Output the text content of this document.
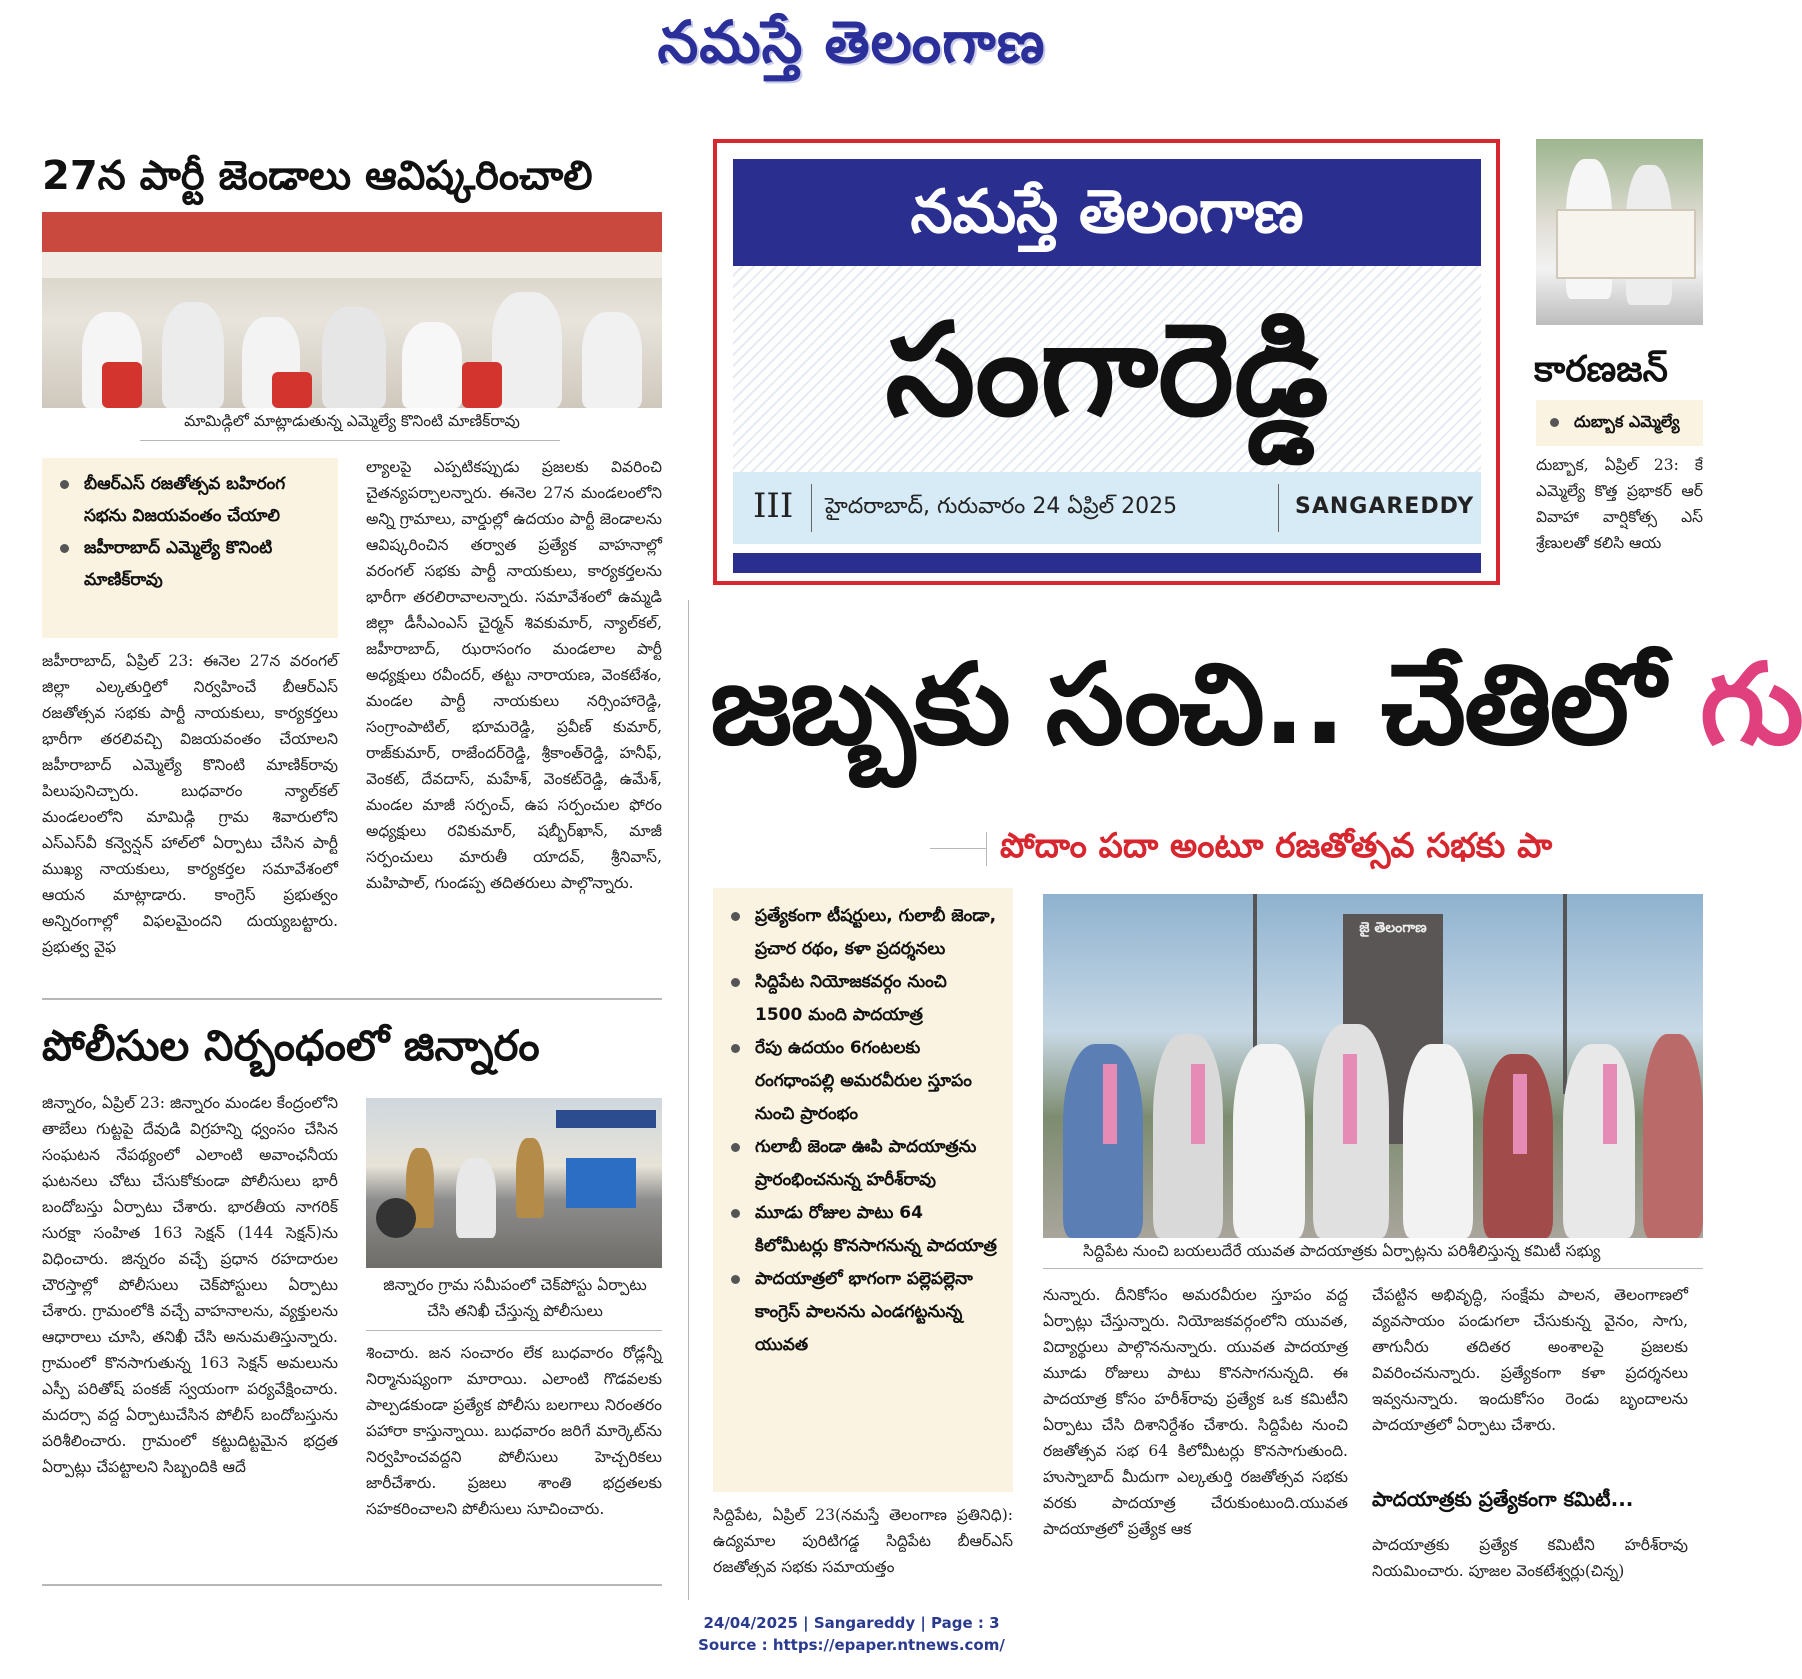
నమస్తే తెలంగాణ
27న పార్టీ జెండాలు ఆవిష్కరించాలి
మామిడ్గిలో మాట్లాడుతున్న ఎమ్మెల్యే కొనింటి మాణిక్‌రావు
బీఆర్‌ఎస్ రజతోత్సవ బహిరంగ సభను విజయవంతం చేయాలి
జహీరాబాద్ ఎమ్మెల్యే కొనింటి మాణిక్‌రావు
జహీరాబాద్, ఏప్రిల్ 23: ఈనెల 27న వరంగల్ జిల్లా ఎల్కతుర్తిలో నిర్వహించే బీఆర్‌ఎస్ రజతోత్సవ సభకు పార్టీ నాయకులు, కార్యకర్తలు భారీగా తరలివచ్చి విజయవంతం చేయాలని జహీరాబాద్ ఎమ్మెల్యే కొనింటి మాణిక్‌రావు పిలుపునిచ్చారు. బుధవారం న్యాల్‌కల్ మండలంలోని మామిడ్గి గ్రామ శివారులోని ఎస్‌ఎస్‌వీ కన్వెన్షన్ హాల్‌లో ఏర్పాటు చేసిన పార్టీ ముఖ్య నాయకులు, కార్యకర్తల సమావేశంలో ఆయన మాట్లాడారు. కాంగ్రెస్ ప్రభుత్వం అన్నిరంగాల్లో విఫలమైందని దుయ్యబట్టారు. ప్రభుత్వ వైఫ
ల్యాలపై ఎప్పటికప్పుడు ప్రజలకు వివరించి చైతన్యపర్చాలన్నారు. ఈనెల 27న మండలంలోని అన్ని గ్రామాలు, వార్డుల్లో ఉదయం పార్టీ జెండాలను ఆవిష్కరించిన తర్వాత ప్రత్యేక వాహనాల్లో వరంగల్ సభకు పార్టీ నాయకులు, కార్యకర్తలను భారీగా తరలిరావాలన్నారు. సమావేశంలో ఉమ్మడి జిల్లా డీసీఎంఎస్ చైర్మన్ శివకుమార్, న్యాల్‌కల్, జహీరాబాద్, ఝరాసంగం మండలాల పార్టీ అధ్యక్షులు రవీందర్, తట్టు నారాయణ, వెంకటేశం, మండల పార్టీ నాయకులు నర్సింహారెడ్డి, సంగ్రాంపాటిల్, భూమరెడ్డి, ప్రవీణ్ కుమార్, రాజ్‌కుమార్, రాజేందర్‌రెడ్డి, శ్రీకాంత్‌రెడ్డి, హనీఫ్, వెంకట్, దేవదాస్, మహేశ్, వెంకట్‌రెడ్డి, ఉమేశ్, మండల మాజీ సర్పంచ్, ఉప సర్పంచుల ఫోరం అధ్యక్షులు రవికుమార్, షబ్బీర్‌ఖాన్, మాజీ సర్పంచులు మారుతీ యాదవ్, శ్రీనివాస్, మహిపాల్, గుండప్ప తదితరులు పాల్గొన్నారు.
పోలీసుల నిర్బంధంలో జిన్నారం
జిన్నారం, ఏప్రిల్ 23: జిన్నారం మండల కేంద్రంలోని తాబేలు గుట్టపై దేవుడి విగ్రహన్ని ధ్వంసం చేసిన సంఘటన నేపథ్యంలో ఎలాంటి అవాంఛనీయ ఘటనలు చోటు చేసుకోకుండా పోలీసులు భారీ బందోబస్తు ఏర్పాటు చేశారు. భారతీయ నాగరిక్ సురక్షా సంహిత 163 సెక్షన్ (144 సెక్షన్)ను విధించారు. జిన్నరం వచ్చే ప్రధాన రహదారుల చౌరస్తాల్లో పోలీసులు చెక్‌పోస్టులు ఏర్పాటు చేశారు. గ్రామంలోకి వచ్చే వాహనాలను, వ్యక్తులను ఆధారాలు చూసి, తనిఖీ చేసి అనుమతిస్తున్నారు. గ్రామంలో కొనసాగుతున్న 163 సెక్షన్ అమలును ఎస్పీ పరితోష్ పంకజ్ స్వయంగా పర్యవేక్షించారు. మదర్సా వద్ద ఏర్పాటుచేసిన పోలీస్ బందోబస్తును పరిశీలించారు. గ్రామంలో కట్టుదిట్టమైన భద్రత ఏర్పాట్లు చేపట్టాలని సిబ్బందికి ఆదే
జిన్నారం గ్రామ సమీపంలో చెక్‌పోస్టు ఏర్పాటు చేసి తనిఖీ చేస్తున్న పోలీసులు
శించారు. జన సంచారం లేక బుధవారం రోడ్లన్నీ నిర్మానుష్యంగా మారాయి. ఎలాంటి గొడవలకు పాల్పడకుండా ప్రత్యేక పోలీసు బలగాలు నిరంతరం పహారా కాస్తున్నాయి. బుధవారం జరిగే మార్కెట్‌ను నిర్వహించవద్దని పోలీసులు హెచ్చరికలు జారీచేశారు. ప్రజలు శాంతి భద్రతలకు సహకరించాలని పోలీసులు సూచించారు.
నమస్తే తెలంగాణ
సంగారెడ్డి
III హైదరాబాద్, గురువారం 24 ఏప్రిల్ 2025	SANGAREDDY
కారణజన్
దుబ్బాక ఎమ్మెల్యే
దుబ్బాక, ఏప్రిల్ 23: కే ఎమ్మెల్యే కొత్త ప్రభాకర్ ఆర్ వివాహా వార్షికోత్స ఎస్ శ్రేణులతో కలిసి ఆయ
జబ్బకు సంచి.. చేతిలో గు
పోదాం పదా అంటూ రజతోత్సవ సభకు పా
ప్రత్యేకంగా టీషర్టులు, గులాబీ జెండా, ప్రచార రథం, కళా ప్రదర్శనలు
సిద్దిపేట నియోజకవర్గం నుంచి 1500 మంది పాదయాత్ర
రేపు ఉదయం 6గంటలకు రంగధాంపల్లి అమరవీరుల స్తూపం నుంచి ప్రారంభం
గులాబీ జెండా ఊపి పాదయాత్రను ప్రారంభించనున్న హరీశ్‌రావు
మూడు రోజుల పాటు 64 కిలోమీటర్లు కొనసాగనున్న పాదయాత్ర
పాదయాత్రలో భాగంగా పల్లెపల్లెనా కాంగ్రెస్ పాలనను ఎండగట్టనున్న యువత
జై తెలంగాణ
సిద్దిపేట నుంచి బయలుదేరే యువత పాదయాత్రకు ఏర్పాట్లను పరిశీలిస్తున్న కమిటీ సభ్యు
సిద్దిపేట, ఏప్రిల్ 23(నమస్తే తెలంగాణ ప్రతినిధి): ఉద్యమాల పురిటిగడ్డ సిద్దిపేట బీఆర్‌ఎస్ రజతోత్సవ సభకు సమాయత్తం
నున్నారు. దీనికోసం అమరవీరుల స్తూపం వద్ద ఏర్పాట్లు చేస్తున్నారు. నియోజకవర్గంలోని యువత, విద్యార్థులు పాల్గొననున్నారు. యువత పాదయాత్ర మూడు రోజులు పాటు కొనసాగనున్నది. ఈ పాదయాత్ర కోసం హరీశ్‌రావు ప్రత్యేక ఒక కమిటీని ఏర్పాటు చేసి దిశానిర్దేశం చేశారు. సిద్దిపేట నుంచి రజతోత్సవ సభ 64 కిలోమీటర్లు కొనసాగుతుంది. హుస్నాబాద్ మీదుగా ఎల్కతుర్తి రజతోత్సవ సభకు వరకు పాదయాత్ర చేరుకుంటుంది.యువత పాదయాత్రలో ప్రత్యేక ఆక
చేపట్టిన అభివృద్ధి, సంక్షేమ పాలన, తెలంగాణలో వ్యవసాయం పండుగలా చేసుకున్న వైనం, సాగు, తాగునీరు తదితర అంశాలపై ప్రజలకు వివరించనున్నారు. ప్రత్యేకంగా కళా ప్రదర్శనలు ఇవ్వనున్నారు. ఇందుకోసం రెండు బృందాలను పాదయాత్రలో ఏర్పాటు చేశారు.
పాదయాత్రకు ప్రత్యేకంగా కమిటీ...
పాదయాత్రకు ప్రత్యేక కమిటీని హరీశ్‌రావు నియమించారు. పూజల వెంకటేశ్వర్లు(చిన్న)
24/04/2025 | Sangareddy | Page : 3
Source : https://epaper.ntnews.com/
